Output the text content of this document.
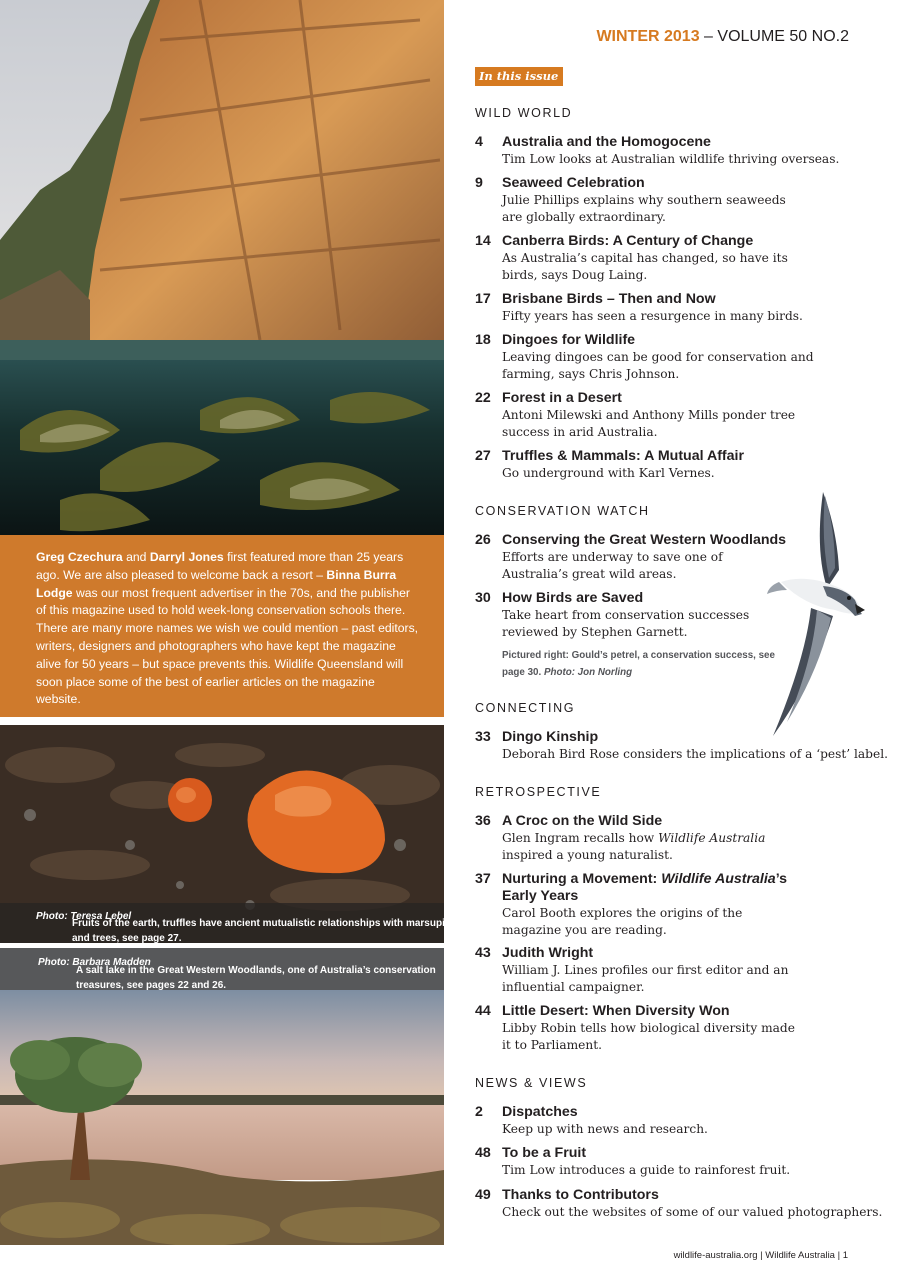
Greg Czechura and Darryl Jones first featured more than 25 years ago. We are also pleased to welcome back a resort – Binna Burra Lodge was our most frequent advertiser in the 70s, and the publisher of this magazine used to hold week-long conservation schools there. There are many more names we wish we could mention – past editors, writers, designers and photographers who have kept the magazine alive for 50 years – but space prevents this. Wildlife Queensland will soon place some of the best of earlier articles on the magazine website.

Fruits of the earth, truffles have ancient mutualistic relationships with marsupials and trees, see page 27.
Photo: Teresa Lebel
A salt lake in the Great Western Woodlands, one of Australia’s conservation treasures, see pages 22 and 26.
Photo: Barbara Madden
WINTER 2013 – VOLUME 50 NO.2
In this issue
WILD WORLD
4 Australia and the Homogocene
Tim Low looks at Australian wildlife thriving overseas.
9 Seaweed Celebration
Julie Phillips explains why southern seaweeds are globally extraordinary.
14 Canberra Birds: A Century of Change
As Australia’s capital has changed, so have its birds, says Doug Laing.
17 Brisbane Birds – Then and Now
Fifty years has seen a resurgence in many birds.
18 Dingoes for Wildlife
Leaving dingoes can be good for conservation and farming, says Chris Johnson.
22 Forest in a Desert
Antoni Milewski and Anthony Mills ponder tree success in arid Australia.
27 Truffles & Mammals: A Mutual Affair
Go underground with Karl Vernes.
CONSERVATION WATCH
26 Conserving the Great Western Woodlands
Efforts are underway to save one of Australia’s great wild areas.
30 How Birds are Saved
Take heart from conservation successes reviewed by Stephen Garnett.
Pictured right: Gould’s petrel, a conservation success, see page 30. Photo: Jon Norling
CONNECTING
33 Dingo Kinship
Deborah Bird Rose considers the implications of a ‘pest’ label.
RETROSPECTIVE
36 A Croc on the Wild Side
Glen Ingram recalls how Wildlife Australia inspired a young naturalist.
37 Nurturing a Movement: Wildlife Australia’s
Early Years
Carol Booth explores the origins of the magazine you are reading.
43 Judith Wright
William J. Lines profiles our first editor and an influential campaigner.
44 Little Desert: When Diversity Won
Libby Robin tells how biological diversity made it to Parliament.
NEWS & VIEWS
2 Dispatches
Keep up with news and research.
48 To be a Fruit
Tim Low introduces a guide to rainforest fruit.
49 Thanks to Contributors
Check out the websites of some of our valued photographers.
wildlife-australia.org | Wildlife Australia | 1
